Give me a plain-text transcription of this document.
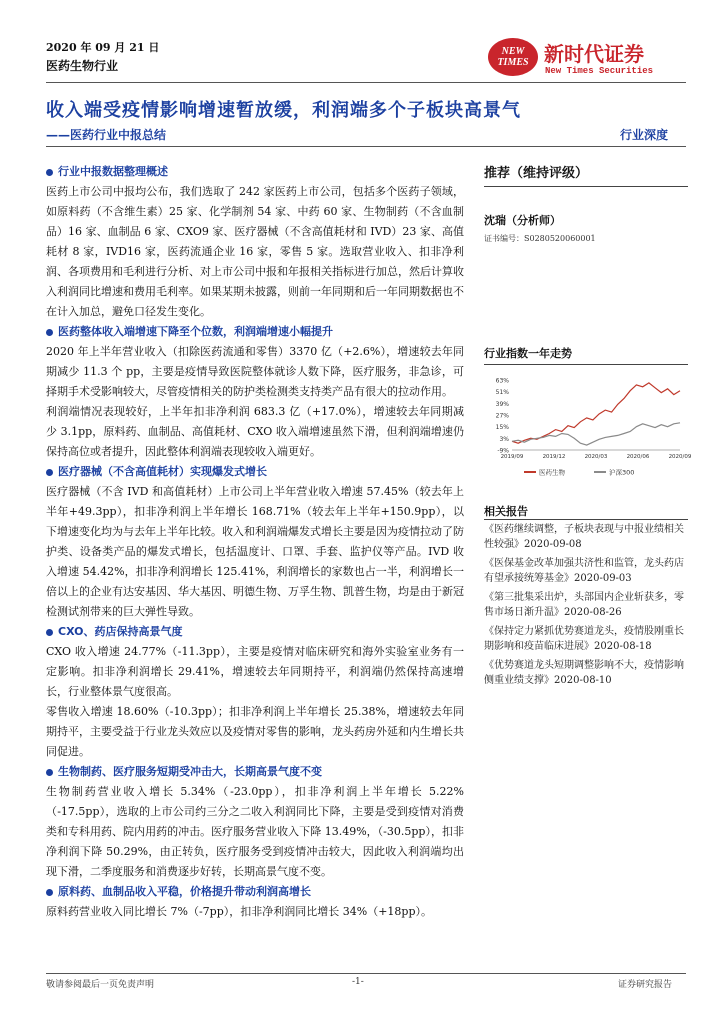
2020 年 09 月 21 日
医药生物行业
NEW
TIMES 新时代证券
New Times Securities
收入端受疫情影响增速暂放缓，利润端多个子板块高景气
——医药行业中报总结	行业深度
行业中报数据整理概述

医药上市公司中报均公布，我们选取了 242 家医药上市公司，包括多个医药子领域，如原料药（不含维生素）25 家、化学制剂 54 家、中药 60 家、生物制药（不含血制品）16 家、血制品 6 家、CXO9 家、医疗器械（不含高值耗材和 IVD）23 家、高值耗材 8 家，IVD16 家，医药流通企业 16 家，零售 5 家。选取营业收入、扣非净利润、各项费用和毛利进行分析、对上市公司中报和年报相关指标进行加总，然后计算收入利润同比增速和费用毛利率。如果某期未披露，则前一年同期和后一年同期数据也不在计入加总，避免口径发生变化。

医药整体收入端增速下降至个位数，利润端增速小幅提升

2020 年上半年营业收入（扣除医药流通和零售）3370 亿（+2.6%），增速较去年同期减少 11.3 个 pp，主要是疫情导致医院整体就诊人数下降，医疗服务，非急诊，可择期手术受影响较大，尽管疫情相关的防护类检测类支持类产品有很大的拉动作用。

利润端情况表现较好，上半年扣非净利润 683.3 亿（+17.0%），增速较去年同期减少 3.1pp，原料药、血制品、高值耗材、CXO 收入端增速虽然下滑，但利润端增速仍保持高位或者提升，因此整体利润端表现较收入端更好。

医疗器械（不含高值耗材）实现爆发式增长

医疗器械（不含 IVD 和高值耗材）上市公司上半年营业收入增速 57.45%（较去年上半年+49.3pp），扣非净利润上半年增长 168.71%（较去年上半年+150.9pp），以下增速变化均为与去年上半年比较。收入和利润端爆发式增长主要是因为疫情拉动了防护类、设备类产品的爆发式增长，包括温度计、口罩、手套、监护仪等产品。IVD 收入增速 54.42%，扣非净利润增长 125.41%，利润增长的家数也占一半，利润增长一倍以上的企业有达安基因、华大基因、明德生物、万孚生物、凯普生物，均是由于新冠检测试剂带来的巨大弹性导致。

CXO、药店保持高景气度

CXO 收入增速 24.77%（-11.3pp），主要是疫情对临床研究和海外实验室业务有一定影响。扣非净利润增长 29.41%，增速较去年同期持平，利润端仍然保持高速增长，行业整体景气度很高。

零售收入增速 18.60%（-10.3pp）；扣非净利润上半年增长 25.38%，增速较去年同期持平，主要受益于行业龙头效应以及疫情对零售的影响，龙头药房外延和内生增长共同促进。

生物制药、医疗服务短期受冲击大，长期高景气度不变

生物制药营业收入增长 5.34%（-23.0pp），扣非净利润上半年增长 5.22%（-17.5pp），选取的上市公司约三分之二收入利润同比下降，主要是受到疫情对消费类和专科用药、院内用药的冲击。医疗服务营业收入下降 13.49%，（-30.5pp），扣非净利润下降 50.29%，由正转负，医疗服务受到疫情冲击较大，因此收入利润端均出现下滑，二季度服务和消费逐步好转，长期高景气度不变。

原料药、血制品收入平稳，价格提升带动利润高增长

原料药营业收入同比增长 7%（-7pp），扣非净利润同比增长 34%（+18pp）。

推荐（维持评级）
沈瑞（分析师）
证书编号：S0280520060001
行业指数一年走势
63%
51%
39%
27%
15%
3%
-9%
2019/09	2019/12	2020/03	2020/06	2020/09
医药生物	沪深300
相关报告
《医药继续调整，子板块表现与中报业绩相关性较强》2020-09-08
《医保基金改革加强共济性和监管，龙头药店有望承接统筹基金》2020-09-03
《第三批集采出炉，头部国内企业斩获多，零售市场日渐升温》2020-08-26
《保持定力紧抓优势赛道龙头，疫情股刚重长期影响和疫苗临床进展》2020-08-18
《优势赛道龙头短期调整影响不大，疫情影响侧重业绩支撑》2020-08-10
敬请参阅最后一页免责声明	-1-	证券研究报告
